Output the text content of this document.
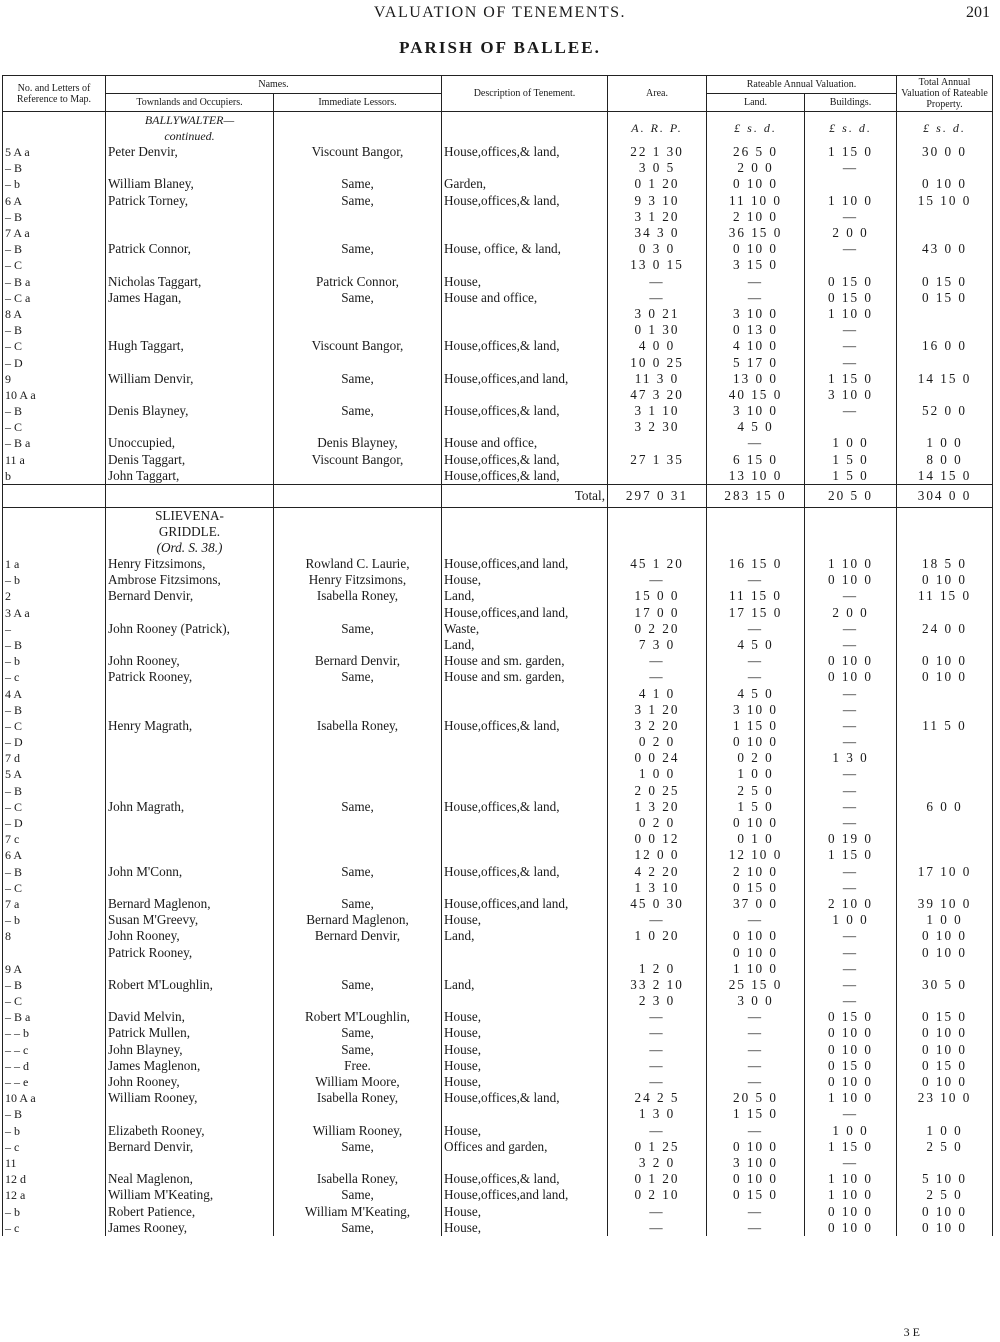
VALUATION OF TENEMENTS.	201
PARISH OF BALLEE.
No. and Letters of Reference to Map.	Names.		Description of Tenement.	Area.	Rateable Annual Valuation.		Total Annual Valuation of Rateable Property.
	Townlands and Occupiers.	Immediate Lessors.			Land.	Buildings.	

	BALLYWALTER—
continued.			A. R. P.	£ s. d.	£ s. d.	£ s. d.
5 A a	Peter Denvir,	Viscount Bangor,	House,offices,& land,	22 1 30	26 5 0	1 15 0	30 0 0
– B				3 0 5	2 0 0	—	
– b	William Blaney,	Same,	Garden,	0 1 20	0 10 0		0 10 0
6 A	Patrick Torney,	Same,	House,offices,& land,	9 3 10	11 10 0	1 10 0	15 10 0
– B				3 1 20	2 10 0	—	
7 A a				34 3 0	36 15 0	2 0 0	
– B	Patrick Connor,	Same,	House, office, & land,	0 3 0	0 10 0	—	43 0 0
– C				13 0 15	3 15 0		
– B a	Nicholas Taggart,	Patrick Connor,	House,	—	—	0 15 0	0 15 0
– C a	James Hagan,	Same,	House and office,	—	—	0 15 0	0 15 0
8 A				3 0 21	3 10 0	1 10 0	
– B				0 1 30	0 13 0	—	
– C	Hugh Taggart,	Viscount Bangor,	House,offices,& land,	4 0 0	4 10 0	—	16 0 0
– D				10 0 25	5 17 0	—	
9	William Denvir,	Same,	House,offices,and land,	11 3 0	13 0 0	1 15 0	14 15 0
10 A a				47 3 20	40 15 0	3 10 0	
– B	Denis Blayney,	Same,	House,offices,& land,	3 1 10	3 10 0	—	52 0 0
– C				3 2 30	4 5 0		
– B a	Unoccupied,	Denis Blayney,	House and office,		—	1 0 0	1 0 0
11 a	Denis Taggart,	Viscount Bangor,	House,offices,& land,	27 1 35	6 15 0	1 5 0	8 0 0
b	John Taggart,		House,offices,& land,		13 10 0	1 5 0	14 15 0
			Total,	297 0 31	283 15 0	20 5 0	304 0 0

	SLIEVENA-
GRIDDLE.
(Ord. S. 38.)						

1 a	Henry Fitzsimons,	Rowland C. Laurie,	House,offices,and land,	45 1 20	16 15 0	1 10 0	18 5 0
– b	Ambrose Fitzsimons,	Henry Fitzsimons,	House,	—	—	0 10 0	0 10 0
2	Bernard Denvir,	Isabella Roney,	Land,	15 0 0	11 15 0	—	11 15 0
3 A a			House,offices,and land,	17 0 0	17 15 0	2 0 0	
–	John Rooney (Patrick),	Same,	Waste,	0 2 20	—	—	24 0 0
– B			Land,	7 3 0	4 5 0	—	
– b	John Rooney,	Bernard Denvir,	House and sm. garden,	—	—	0 10 0	0 10 0
– c	Patrick Rooney,	Same,	House and sm. garden,	—	—	0 10 0	0 10 0
4 A				4 1 0	4 5 0	—	
– B				3 1 20	3 10 0	—	
– C	Henry Magrath,	Isabella Roney,	House,offices,& land,	3 2 20	1 15 0	—	11 5 0
– D				0 2 0	0 10 0	—	
7 d				0 0 24	0 2 0	1 3 0	
5 A				1 0 0	1 0 0	—	
– B				2 0 25	2 5 0	—	
– C	John Magrath,	Same,	House,offices,& land,	1 3 20	1 5 0	—	6 0 0
– D				0 2 0	0 10 0	—	
7 c				0 0 12	0 1 0	0 19 0	
6 A				12 0 0	12 10 0	1 15 0	
– B	John M'Conn,	Same,	House,offices,& land,	4 2 20	2 10 0	—	17 10 0
– C				1 3 10	0 15 0	—	
7 a	Bernard Maglenon,	Same,	House,offices,and land,	45 0 30	37 0 0	2 10 0	39 10 0
– b	Susan M'Greevy,	Bernard Maglenon,	House,	—	—	1 0 0	1 0 0
8	John Rooney,	Bernard Denvir,	Land,	1 0 20	0 10 0	—	0 10 0
	Patrick Rooney,				0 10 0	—	0 10 0
9 A				1 2 0	1 10 0	—	
– B	Robert M'Loughlin,	Same,	Land,	33 2 10	25 15 0	—	30 5 0
– C				2 3 0	3 0 0	—	
– B a	David Melvin,	Robert M'Loughlin,	House,	—	—	0 15 0	0 15 0
– – b	Patrick Mullen,	Same,	House,	—	—	0 10 0	0 10 0
– – c	John Blayney,	Same,	House,	—	—	0 10 0	0 10 0
– – d	James Maglenon,	Free.	House,	—	—	0 15 0	0 15 0
– – e	John Rooney,	William Moore,	House,	—	—	0 10 0	0 10 0
10 A a	William Rooney,	Isabella Roney,	House,offices,& land,	24 2 5	20 5 0	1 10 0	23 10 0
– B				1 3 0	1 15 0	—	
– b	Elizabeth Rooney,	William Rooney,	House,	—	—	1 0 0	1 0 0
– c	Bernard Denvir,	Same,	Offices and garden,	0 1 25	0 10 0	1 15 0	2 5 0
11				3 2 0	3 10 0	—	
12 d	Neal Maglenon,	Isabella Roney,	House,offices,& land,	0 1 20	0 10 0	1 10 0	5 10 0
12 a	William M'Keating,	Same,	House,offices,and land,	0 2 10	0 15 0	1 10 0	2 5 0
– b	Robert Patience,	William M'Keating,	House,	—	—	0 10 0	0 10 0
– c	James Rooney,	Same,	House,	—	—	0 10 0	0 10 0
3 E
